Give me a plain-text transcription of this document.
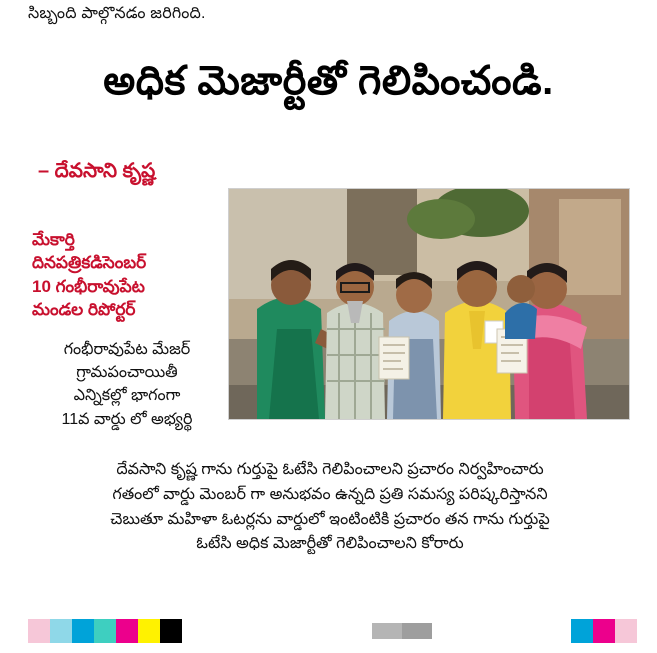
సిబ్బంది పాల్గొనడం జరిగింది.
అధిక మెజార్టీతో గెలిపించండి.
– దేవసాని కృష్ణ
మేకార్తి
దినపత్రికడిసెంబర్
10 గంభీరావుపేట
మండల రిపోర్టర్
గంభీరావుపేట మేజర్
గ్రామపంచాయితీ
ఎన్నికల్లో భాగంగా
11వ వార్డు లో అభ్యర్థి
దేవసాని కృష్ణ గాను గుర్తుపై ఓటేసి గెలిపించాలని ప్రచారం నిర్వహించారు
గతంలో వార్డు మెంబర్ గా అనుభవం ఉన్నది ప్రతి సమస్య పరిష్కరిస్తానని
చెబుతూ మహిళా ఓటర్లను వార్డులో ఇంటింటికి ప్రచారం తన గాను గుర్తుపై
ఓటేసి అధిక మెజార్టీతో గెలిపించాలని కోరారు
